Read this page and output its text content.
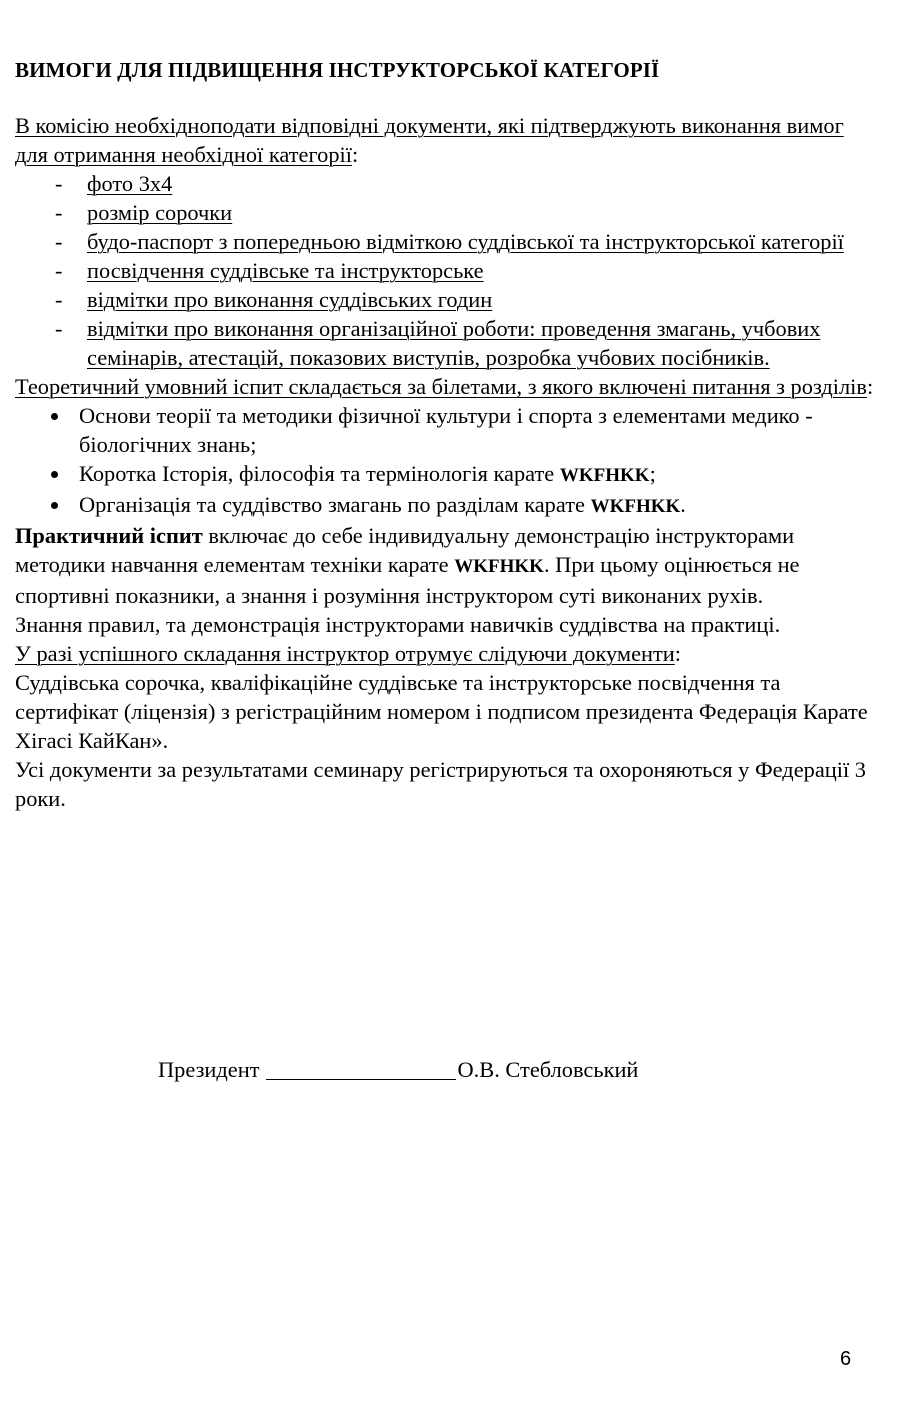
ВИМОГИ ДЛЯ ПІДВИЩЕННЯ ІНСТРУКТОРСЬКОЇ КАТЕГОРІЇ

В комісію необхідноподати відповідні документи, які підтверджують виконання вимог для отримання необхідної категорії:

- фото 3х4
- розмір сорочки
- будо-паспорт з попередньою відміткою суддівської та інструкторської категорії
- посвідчення суддівське та інструкторське
- відмітки про виконання суддівських годин
- відмітки про виконання організаційної роботи: проведення змагань, учбових семінарів, атестацій, показових виступів, розробка учбових посібників.

Теоретичний умовний іспит складається за білетами, з якого включені питання з розділів:

Основи теорії та методики фізичної культури і спорта з елементами медико - біологічних знань;
Коротка Історія, філософія та термінологія карате WKFHKK;
Організація та суддівство змагань по разділам карате WKFHKK.

Практичний іспит включає до себе індивидуальну демонстрацію інструкторами методики навчання елементам техніки карате WKFHKK. При цьому оцінюється не спортивні показники, а знання і розуміння інструктором суті виконаних рухів.

Знання правил, та демонстрація інструкторами навичків суддівства на практиці.

У разі успішного складання інструктор отрумує слідуючи документи:

Суддівська сорочка, кваліфікаційне суддівське та інструкторське посвідчення та сертифікат (ліцензія) з регістраційним номером і подписом президента Федерація Карате Хігасі КайКан».

Усі документи за результатами семинару регістрируються та охороняються у Федерації 3 роки.

Президент	О.В. Стебловський
6
